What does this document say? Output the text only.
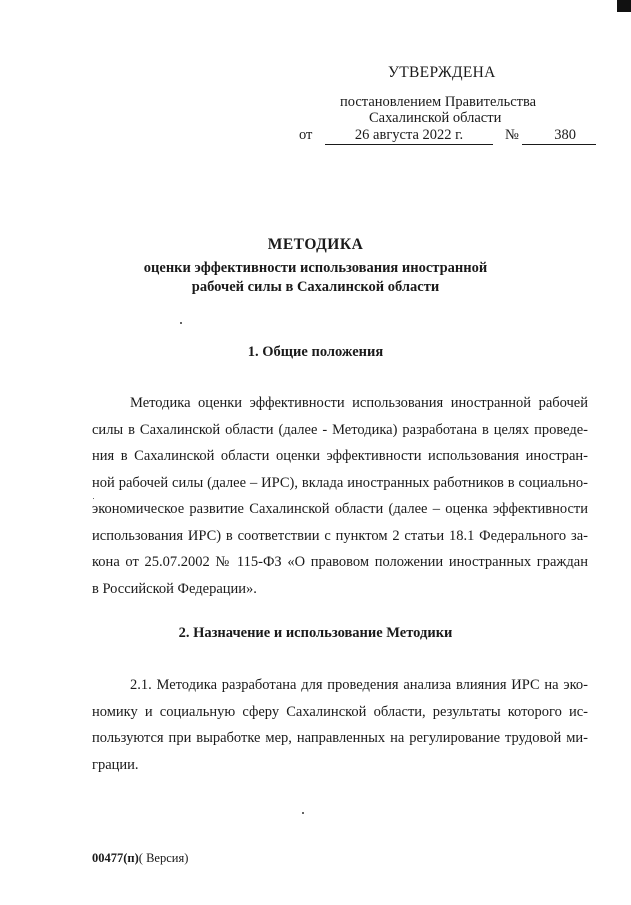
УТВЕРЖДЕНА
постановлением Правительства
Сахалинской области
от	26 августа 2022 г.	№	380
МЕТОДИКА
оценки эффективности использования иностранной
рабочей силы в Сахалинской области
1. Общие положения
Методика оценки эффективности использования иностранной рабочей
силы в Сахалинской области (далее - Методика) разработана в целях проведе-
ния в Сахалинской области оценки эффективности использования иностран-
ной рабочей силы (далее – ИРС), вклада иностранных работников в социально-
экономическое развитие Сахалинской области (далее – оценка эффективности
использования ИРС) в соответствии с пунктом 2 статьи 18.1 Федерального за-
кона от 25.07.2002 № 115-ФЗ «О правовом положении иностранных граждан
в Российской Федерации».
2. Назначение и использование Методики
2.1. Методика разработана для проведения анализа влияния ИРС на эко-
номику и социальную сферу Сахалинской области, результаты которого ис-
пользуются при выработке мер, направленных на регулирование трудовой ми-
грации.
00477(п)( Версия)
